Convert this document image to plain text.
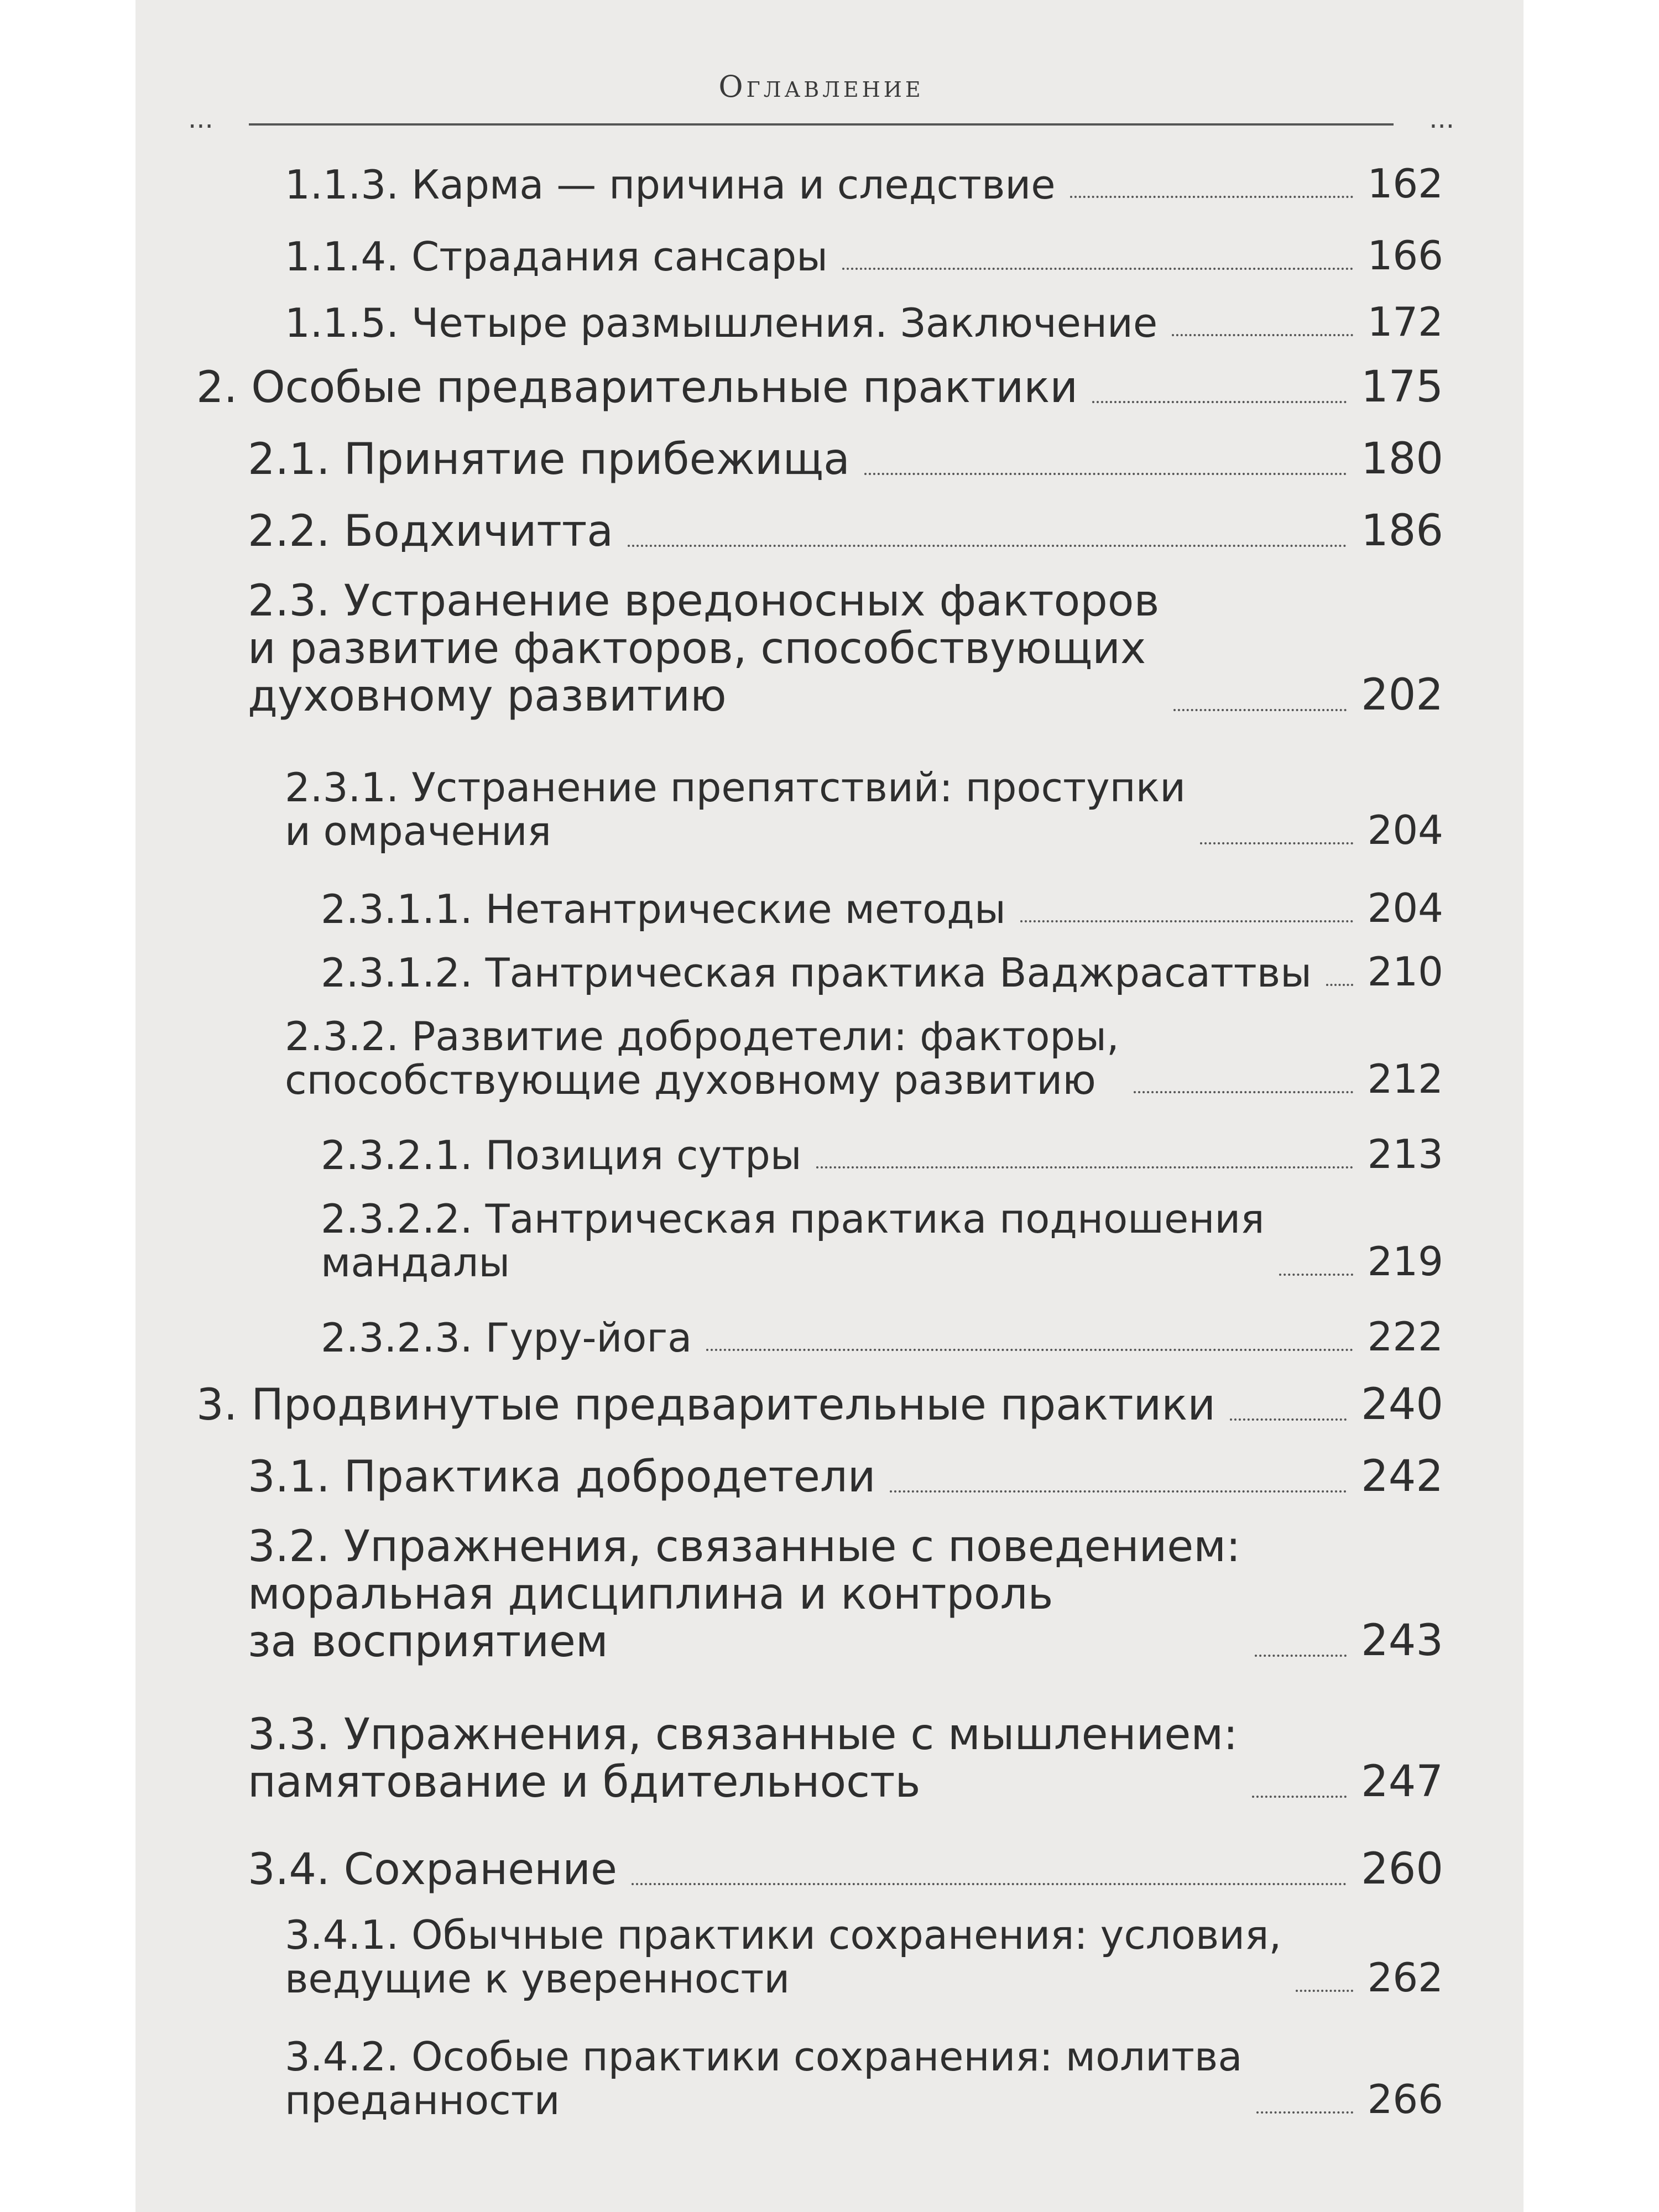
Оглавление
...	...
1.1.3. Карма — причина и следствие	162
1.1.4. Страдания сансары	166
1.1.5. Четыре размышления. Заключение	172
2. Особые предварительные практики	175
2.1. Принятие прибежища	180
2.2. Бодхичитта	186
2.3. Устранение вредоносных факторов
и развитие факторов, способствующих
духовному развитию	202
2.3.1. Устранение препятствий: проступки
и омрачения	204
2.3.1.1. Нетантрические методы	204
2.3.1.2. Тантрическая практика Ваджрасаттвы 210
2.3.2. Развитие добродетели: факторы,
способствующие духовному развитию	212
2.3.2.1. Позиция сутры	213
2.3.2.2. Тантрическая практика подношения
мандалы	219
2.3.2.3. Гуру-йога	222
3. Продвинутые предварительные практики	240
3.1. Практика добродетели	242
3.2. Упражнения, связанные с поведением:
моральная дисциплина и контроль
за восприятием	243
3.3. Упражнения, связанные с мышлением:
памятование и бдительность	247
3.4. Сохранение	260
3.4.1. Обычные практики сохранения: условия,
ведущие к уверенности	262
3.4.2. Особые практики сохранения: молитва
преданности	266
